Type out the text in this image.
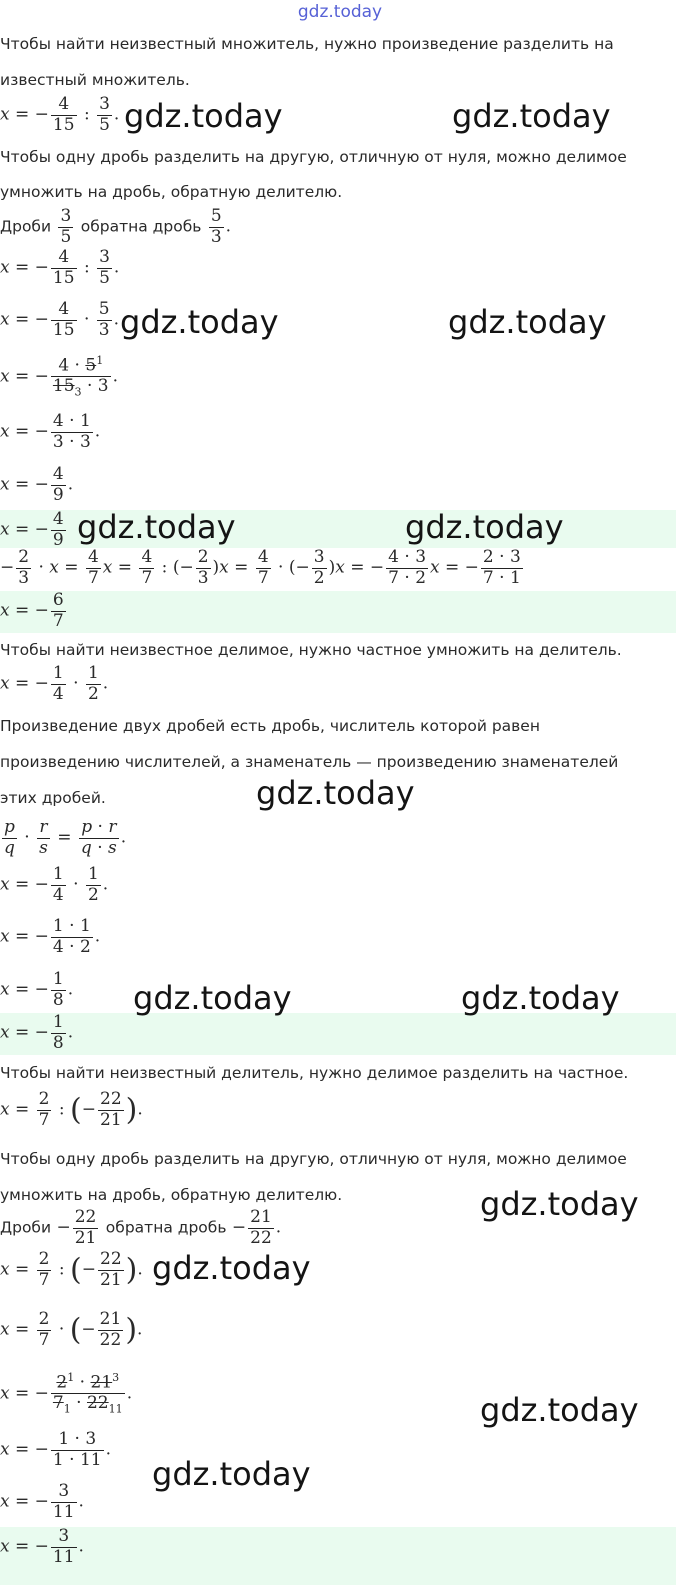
gdz.today
Чтобы найти неизвестный множитель, нужно произведение разделить на
известный множитель.
x = − $\frac{4}{15}$ : $\frac{3}{5}$ .
Чтобы одну дробь разделить на другую, отличную от нуля, можно делимое
умножить на дробь, обратную делителю.
Дроби $\frac{3}{5}$ обратна дробь $\frac{5}{3}$ .
x = − $\frac{4}{15}$ : $\frac{3}{5}$ .
x = − $\frac{4}{15} \cdot \frac{5}{3}$ .
x = − $\frac{4 \cdot 5^1}{15_3 \cdot 3}$ .
x = − $\frac{4 \cdot 1}{3 \cdot 3}$ .
x = − $\frac{4}{9}$ .
x = − $\frac{4}{9}$
− $\frac{2}{3} \cdot x = \frac{4}{7}$ $x = \frac{4}{7}$ : (− $\frac{2}{3} )x = \frac{4}{7}$ · (− $\frac{3}{2} )x$ = − $\frac{4 \cdot 3}{7 \cdot 2}$ x = − $\frac{2 \cdot 3}{7 \cdot 1}$
x = − $\frac{6}{7}$
Чтобы найти неизвестное делимое, нужно частное умножить на делитель.
x = − $\frac{1}{4} \cdot \frac{1}{2}$ .
Произведение двух дробей есть дробь, числитель которой равен
произведению числителей, а знаменатель — произведению знаменателей
этих дробей.
$\frac{p}{q} \cdot \frac{r}{s} = \frac{p \cdot r}{q \cdot s}$ .
x = − $\frac{1}{4} \cdot \frac{1}{2}$ .
x = − $\frac{1 \cdot 1}{4 \cdot 2}$ .
x = − $\frac{1}{8}$ .
x = − $\frac{1}{8}$ .
Чтобы найти неизвестный делитель, нужно делимое разделить на частное.
$x = \frac{2}{7}$ : (− $\frac{22}{21}$ ).
Чтобы одну дробь разделить на другую, отличную от нуля, можно делимое
умножить на дробь, обратную делителю.
Дроби − $\frac{22}{21}$ обратна дробь − $\frac{21}{22}$ .
$x = \frac{2}{7}$ : (− $\frac{22}{21}$ ).
$x = \frac{2}{7}$ · (− $\frac{21}{22}$ ).
x = − $\frac{2^1 \cdot 21^3}{7_1 \cdot 22_{11}}$ .
x = − $\frac{1 \cdot 3}{1 \cdot 11}$ .
x = − $\frac{3}{11}$ .
x = − $\frac{3}{11}$ .
gdz.today	gdz.today
gdz.today	gdz.today
gdz.today	gdz.today
gdz.today
gdz.today	gdz.today
gdz.today
gdz.today
gdz.today
gdz.today
